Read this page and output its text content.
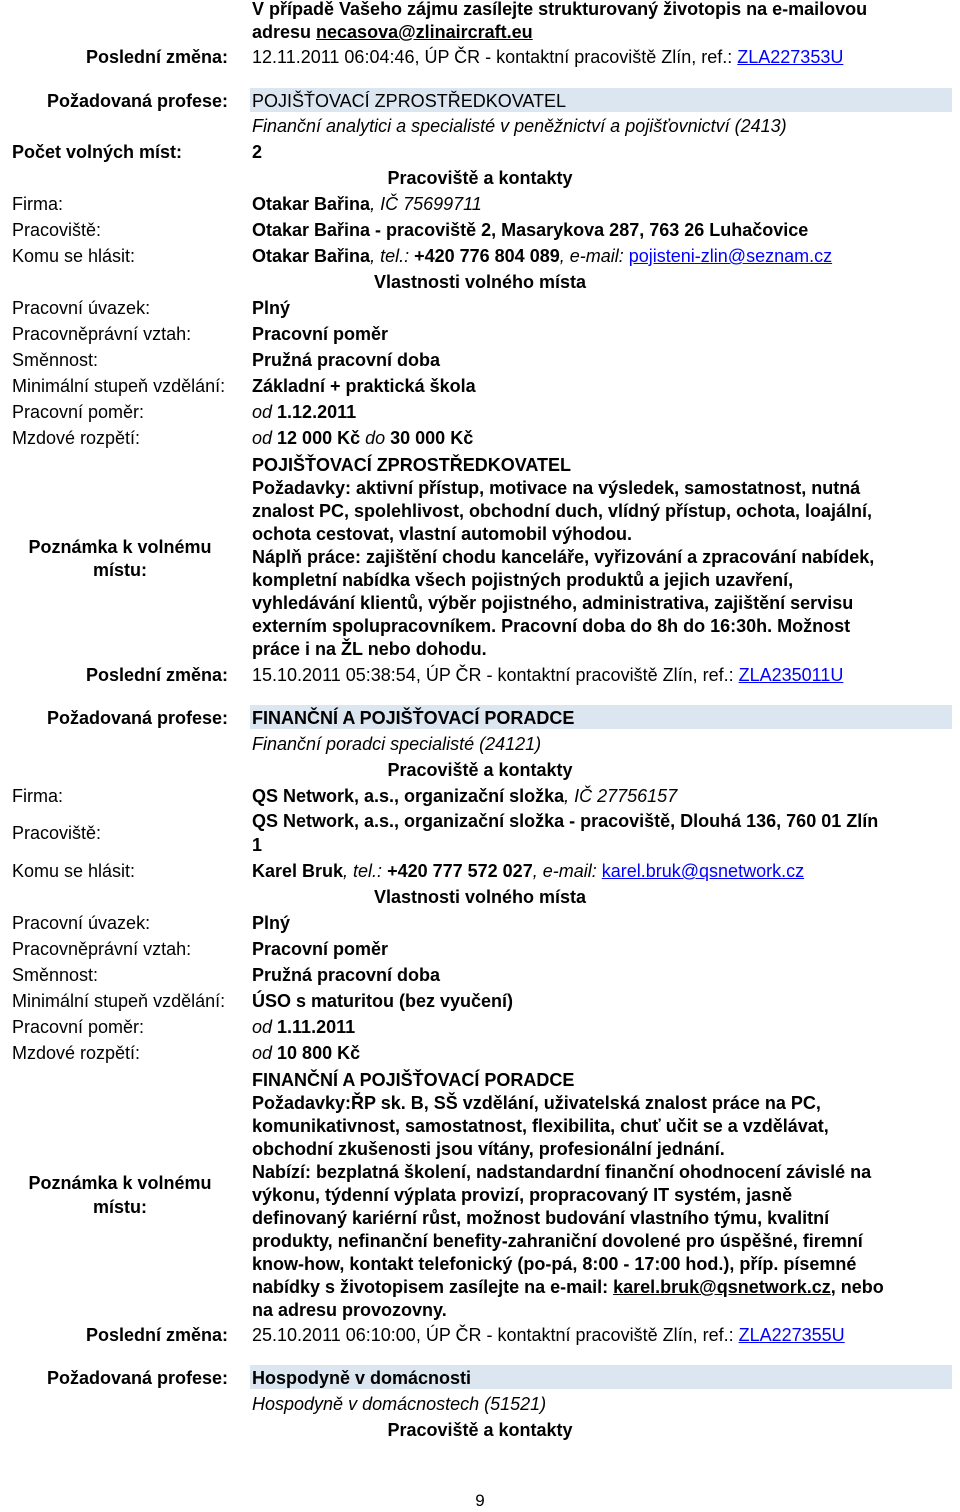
V případě Vašeho zájmu zasílejte strukturovaný životopis na e-mailovou
adresu necasova@zlinaircraft.eu
Poslední změna: 12.11.2011 06:04:46, ÚP ČR - kontaktní pracoviště Zlín, ref.: ZLA227353U
Požadovaná profese: POJIŠŤOVACÍ ZPROSTŘEDKOVATEL
Finanční analytici a specialisté v peněžnictví a pojišťovnictví (2413)
Počet volných míst:	2
Pracoviště a kontakty
Firma:	Otakar Bařina, IČ 75699711
Pracoviště:	Otakar Bařina - pracoviště 2, Masarykova 287, 763 26 Luhačovice
Komu se hlásit:	Otakar Bařina, tel.: +420 776 804 089, e-mail: pojisteni-zlin@seznam.cz
Vlastnosti volného místa
Pracovní úvazek:	Plný
Pracovněprávní vztah:	Pracovní poměr
Směnnost:	Pružná pracovní doba
Minimální stupeň vzdělání: Základní + praktická škola
Pracovní poměr:	od 1.12.2011
Mzdové rozpětí:	od 12 000 Kč do 30 000 Kč
Poznámka k volnému
místu:
POJIŠŤOVACÍ ZPROSTŘEDKOVATEL
Požadavky: aktivní přístup, motivace na výsledek, samostatnost, nutná
znalost PC, spolehlivost, obchodní duch, vlídný přístup, ochota, loajální,
ochota cestovat, vlastní automobil výhodou.
Náplň práce: zajištění chodu kanceláře, vyřizování a zpracování nabídek,
kompletní nabídka všech pojistných produktů a jejich uzavření,
vyhledávání klientů, výběr pojistného, administrativa, zajištění servisu
externím spolupracovníkem. Pracovní doba do 8h do 16:30h. Možnost
práce i na ŽL nebo dohodu.
Poslední změna: 15.10.2011 05:38:54, ÚP ČR - kontaktní pracoviště Zlín, ref.: ZLA235011U
Požadovaná profese: FINANČNÍ A POJIŠŤOVACÍ PORADCE
Finanční poradci specialisté (24121)
Pracoviště a kontakty
Firma:	QS Network, a.s., organizační složka, IČ 27756157
Pracoviště:
QS Network, a.s., organizační složka - pracoviště, Dlouhá 136, 760 01 Zlín
1
Komu se hlásit:	Karel Bruk, tel.: +420 777 572 027, e-mail: karel.bruk@qsnetwork.cz
Vlastnosti volného místa
Pracovní úvazek:	Plný
Pracovněprávní vztah:	Pracovní poměr
Směnnost:	Pružná pracovní doba
Minimální stupeň vzdělání: ÚSO s maturitou (bez vyučení)
Pracovní poměr:	od 1.11.2011
Mzdové rozpětí:	od 10 800 Kč
Poznámka k volnému
místu:
FINANČNÍ A POJIŠŤOVACÍ PORADCE
Požadavky:ŘP sk. B, SŠ vzdělání, uživatelská znalost práce na PC,
komunikativnost, samostatnost, flexibilita, chuť učit se a vzdělávat,
obchodní zkušenosti jsou vítány, profesionální jednání.
Nabízí: bezplatná školení, nadstandardní finanční ohodnocení závislé na
výkonu, týdenní výplata provizí, propracovaný IT systém, jasně
definovaný kariérní růst, možnost budování vlastního týmu, kvalitní
produkty, nefinanční benefity-zahraniční dovolené pro úspěšné, firemní
know-how, kontakt telefonický (po-pá, 8:00 - 17:00 hod.), příp. písemné
nabídky s životopisem zasílejte na e-mail: karel.bruk@qsnetwork.cz, nebo
na adresu provozovny.
Poslední změna: 25.10.2011 06:10:00, ÚP ČR - kontaktní pracoviště Zlín, ref.: ZLA227355U
Požadovaná profese: Hospodyně v domácnosti
Hospodyně v domácnostech (51521)
Pracoviště a kontakty
9
